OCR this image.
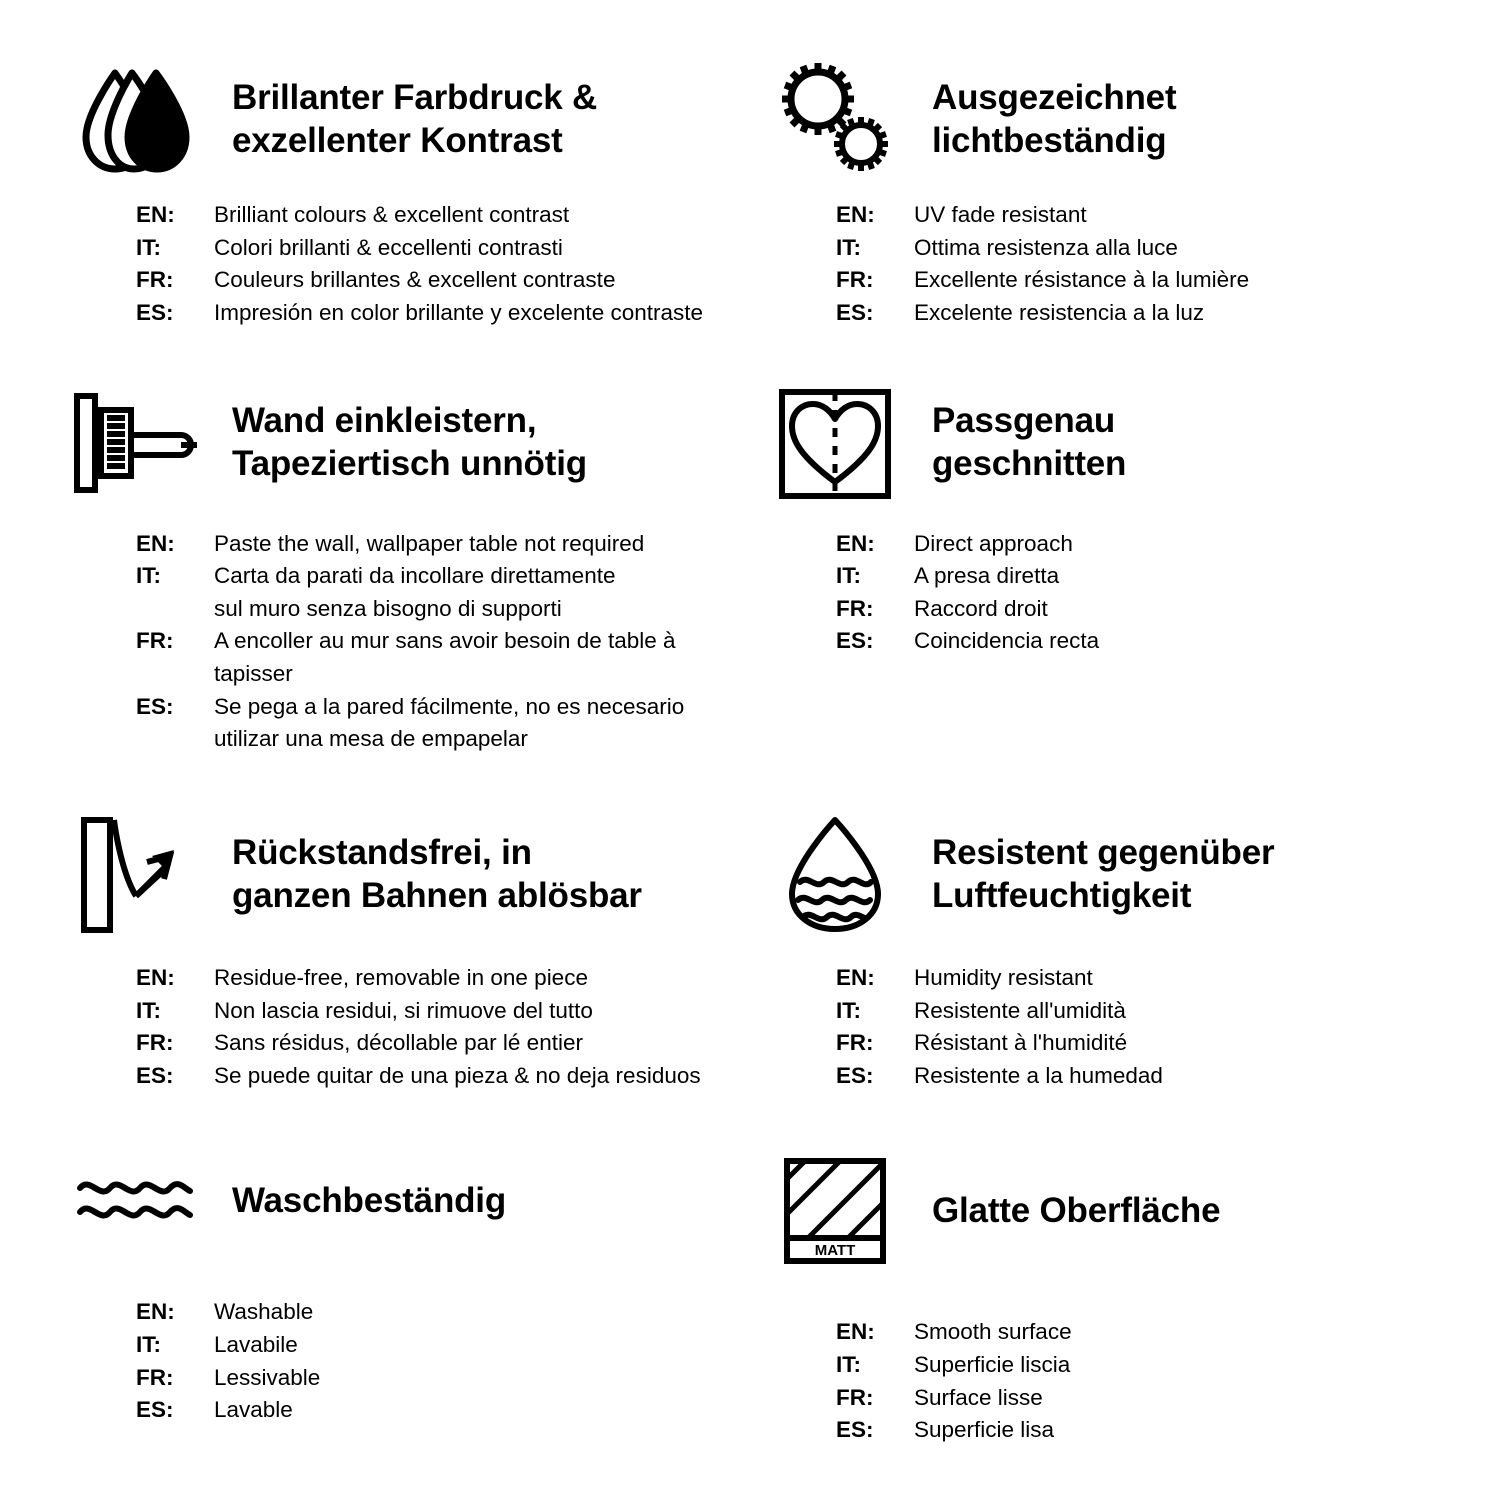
Brillanter Farbdruck &
exzellenter Kontrast
EN:	Brilliant colours & excellent contrast
IT:	Colori brillanti & eccellenti contrasti
FR:	Couleurs brillantes & excellent contraste
ES:	Impresión en color brillante y excelente contraste
Ausgezeichnet
lichtbeständig
EN:	UV fade resistant
IT:	Ottima resistenza alla luce
FR:	Excellente résistance à la lumière
ES:	Excelente resistencia a la luz
Wand einkleistern,
Tapeziertisch unnötig
EN:	Paste the wall, wallpaper table not required
IT:	Carta da parati da incollare direttamente
sul muro senza bisogno di supporti
FR:	A encoller au mur sans avoir besoin de table à tapisser
ES:	Se pega a la pared fácilmente, no es necesario
utilizar una mesa de empapelar
Passgenau
geschnitten
EN:	Direct approach
IT:	A presa diretta
FR:	Raccord droit
ES:	Coincidencia recta
Rückstandsfrei, in
ganzen Bahnen ablösbar
EN:	Residue-free, removable in one piece
IT:	Non lascia residui, si rimuove del tutto
FR:	Sans résidus, décollable par lé entier
ES:	Se puede quitar de una pieza & no deja residuos
Resistent gegenüber
Luftfeuchtigkeit
EN:	Humidity resistant
IT:	Resistente all'umidità
FR:	Résistant à l'humidité
ES:	Resistente a la humedad
Waschbeständig
EN:	Washable
IT:	Lavabile
FR:	Lessivable
ES:	Lavable
MATT
Glatte Oberfläche
EN:	Smooth surface
IT:	Superficie liscia
FR:	Surface lisse
ES:	Superficie lisa
